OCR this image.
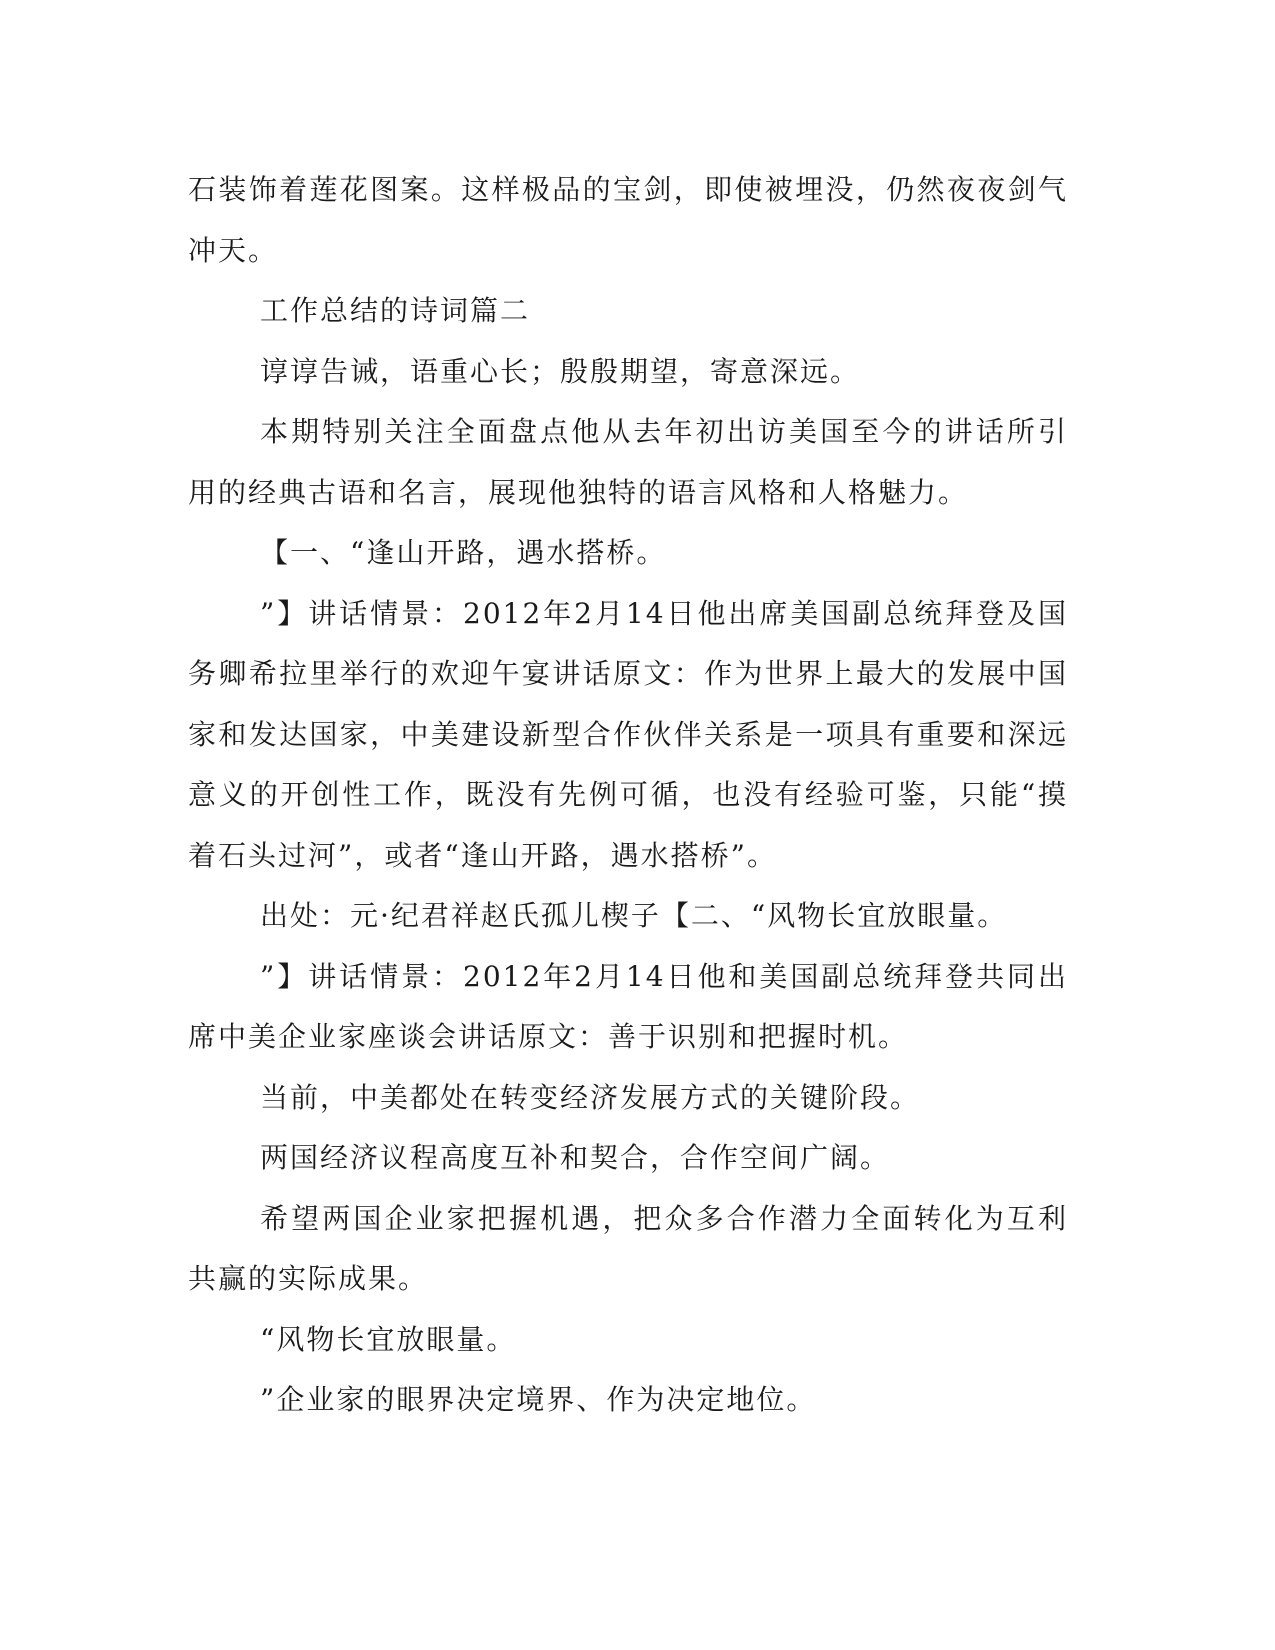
石装饰着莲花图案。这样极品的宝剑，即使被埋没，仍然夜夜剑气冲天。

工作总结的诗词篇二

谆谆告诫，语重心长；殷殷期望，寄意深远。

本期特别关注全面盘点他从去年初出访美国至今的讲话所引用的经典古语和名言，展现他独特的语言风格和人格魅力。

【一、“逢山开路，遇水搭桥。

”】讲话情景：2012年2月14日他出席美国副总统拜登及国务卿希拉里举行的欢迎午宴讲话原文：作为世界上最大的发展中国家和发达国家，中美建设新型合作伙伴关系是一项具有重要和深远意义的开创性工作，既没有先例可循，也没有经验可鉴，只能“摸着石头过河”，或者“逢山开路，遇水搭桥”。

出处：元·纪君祥赵氏孤儿楔子【二、“风物长宜放眼量。

”】讲话情景：2012年2月14日他和美国副总统拜登共同出席中美企业家座谈会讲话原文：善于识别和把握时机。

当前，中美都处在转变经济发展方式的关键阶段。

两国经济议程高度互补和契合，合作空间广阔。

希望两国企业家把握机遇，把众多合作潜力全面转化为互利共赢的实际成果。

“风物长宜放眼量。

”企业家的眼界决定境界、作为决定地位。
